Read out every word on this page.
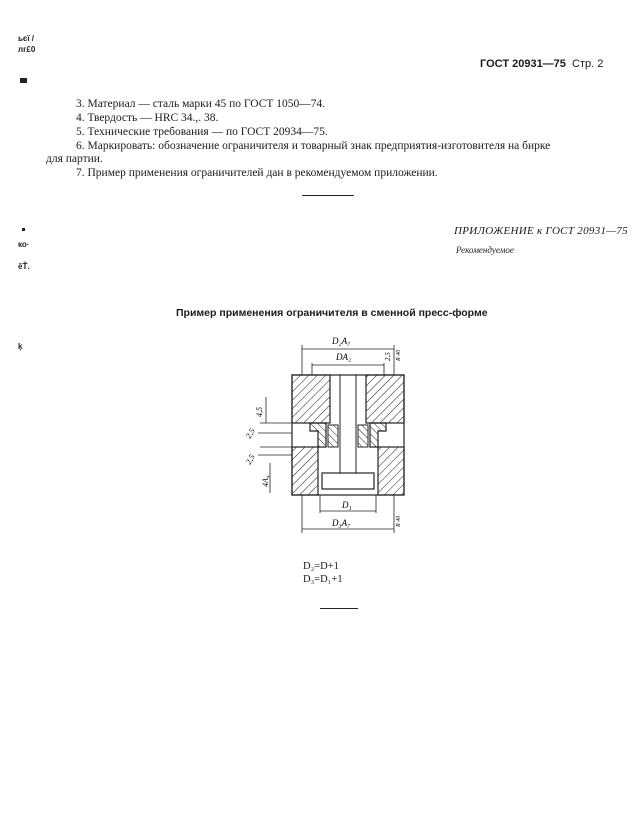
ьєї /
лг£0
ко·
ĕŤ.
ķ
ГОСТ 20931—75 Стр. 2
3. Материал — сталь марки 45 по ГОСТ 1050—74.
4. Твердость — HRC 34.,. 38.
5. Технические требования — по ГОСТ 20934—75.
6. Маркировать: обозначение ограничителя и товарный знак предприятия-изготовителя на бирке
для партии.
7. Пример применения ограничителей дан в рекомендуемом приложении.
ПРИЛОЖЕНИЕ к ГОСТ 20931—75
Рекомендуемое
Пример применения ограничителя в сменной пресс-форме
D₂A₇
DA₂	2,5 R 40
4,5
2,5
2,5
4A₄
D₁
D₃A₇	R 40
D₂=D+1
D₃=D₁+1
